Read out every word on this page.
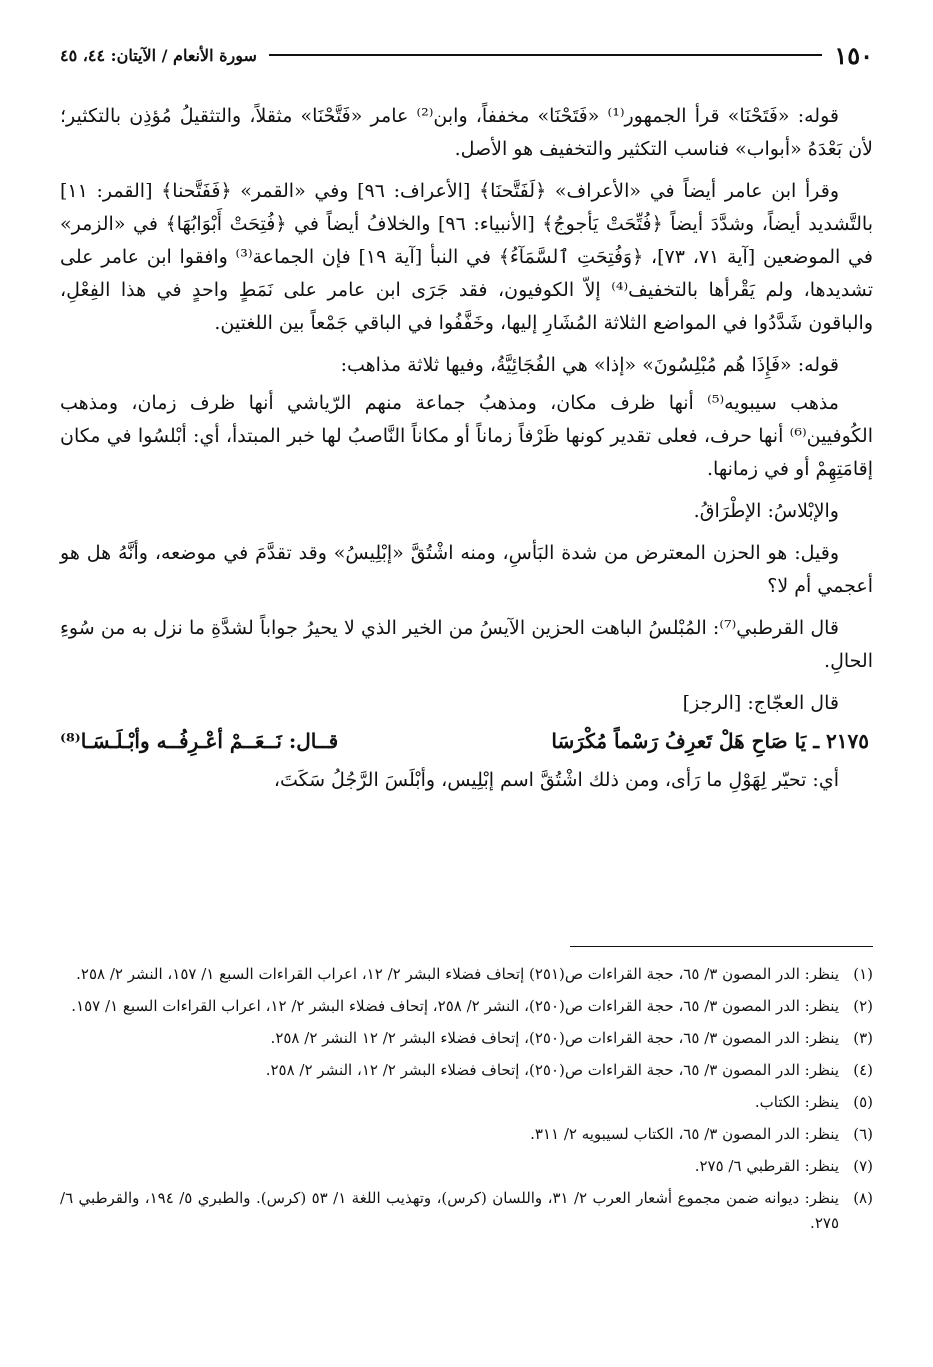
١٥٠
سورة الأنعام / الآيتان: ٤٤، ٤٥

قوله: «فَتَحْنَا» قرأ الجمهور⁽¹⁾ «فَتَحْنَا» مخففاً، وابن⁽²⁾ عامر «فَتَّحْنَا» مثقلاً، والتثقيلُ مُؤذِن بالتكثير؛ لأن بَعْدَهُ «أبواب» فناسب التكثير والتخفيف هو الأصل.

وقرأ ابن عامر أيضاً في «الأعراف» ﴿لَفَتَّحنَا﴾ [الأعراف: ٩٦] وفي «القمر» ﴿فَفَتَّحنا﴾ [القمر: ١١] بالتَّشديد أيضاً، وشدَّدَ أيضاً ﴿فُتِّحَتْ يَأجوجُ﴾ [الأنبياء: ٩٦] والخلافُ أيضاً في ﴿فُتِحَتْ أَبْوَابُهَا﴾ في «الزمر» في الموضعين [آية ٧١، ٧٣]، ﴿وَفُتِحَتِ ٱلسَّمَآءُ﴾ في النبأ [آية ١٩] فإن الجماعة⁽³⁾ وافقوا ابن عامر على تشديدها، ولم يَقْرأها بالتخفيف⁽⁴⁾ إلاّ الكوفيون، فقد جَرَى ابن عامر على نَمَطٍ واحدٍ في هذا الفِعْلِ، والباقون شَدَّدُوا في المواضع الثلاثة المُشَارِ إليها، وخَفَّفُوا في الباقي جَمْعاً بين اللغتين.

قوله: «فَإِذَا هُم مُبْلِسُونَ» «إذا» هي الفُجَائِيَّةُ، وفيها ثلاثة مذاهب:

مذهب سيبويه⁽⁵⁾ أنها ظرف مكان، ومذهبُ جماعة منهم الرّياشي أنها ظرف زمان، ومذهب الكُوفيين⁽⁶⁾ أنها حرف، فعلى تقدير كونها ظَرْفاً زماناً أو مكاناً النَّاصبُ لها خبر المبتدأ، أي: أبْلسُوا في مكان إقامَتِهِمْ أو في زمانها.

والإبْلاسُ: الإطْرَاقُ.

وقيل: هو الحزن المعترض من شدة البَأسِ، ومنه اشْتُقَّ «إبْلِيسُ» وقد تقدَّمَ في موضعه، وأنَّهُ هل هو أعجمي أم لا؟

قال القرطبي⁽⁷⁾: المُبْلسُ الباهت الحزين الآيسُ من الخير الذي لا يحيرُ جواباً لشدَّةِ ما نزل به من سُوءِ الحالِ.

قال العجّاج: [الرجز]

٢١٧٥ ـ يَا صَاحِ هَلْ تَعرِفُ رَسْماً مُكْرَسَا
قــال: نَــعَــمْ أعْـرِفُــه وأبْـلَـسَـا⁽⁸⁾

أي: تحيّر لِهَوْلِ ما رَأى، ومن ذلك اشْتُقَّ اسم إبْلِيس، وأبْلَسَ الرَّجُلُ سَكَتَ،

(١)ينظر: الدر المصون ٣/ ٦٥، حجة القراءات ص(٢٥١) إتحاف فضلاء البشر ٢/ ١٢، اعراب القراءات السبع ١/ ١٥٧، النشر ٢/ ٢٥٨.
(٢)ينظر: الدر المصون ٣/ ٦٥، حجة القراءات ص(٢٥٠)، النشر ٢/ ٢٥٨، إتحاف فضلاء البشر ٢/ ١٢، اعراب القراءات السبع ١/ ١٥٧.
(٣)ينظر: الدر المصون ٣/ ٦٥، حجة القراءات ص(٢٥٠)، إتحاف فضلاء البشر ٢/ ١٢ النشر ٢/ ٢٥٨.
(٤)ينظر: الدر المصون ٣/ ٦٥، حجة القراءات ص(٢٥٠)، إتحاف فضلاء البشر ٢/ ١٢، النشر ٢/ ٢٥٨.
(٥)ينظر: الكتاب.
(٦)ينظر: الدر المصون ٣/ ٦٥، الكتاب لسيبويه ٢/ ٣١١.
(٧)ينظر: القرطبي ٦/ ٢٧٥.
(٨)ينظر: ديوانه ضمن مجموع أشعار العرب ٢/ ٣١، واللسان (كرس)، وتهذيب اللغة ١/ ٥٣ (كرس). والطبري ٥/ ١٩٤، والقرطبي ٦/ ٢٧٥.
